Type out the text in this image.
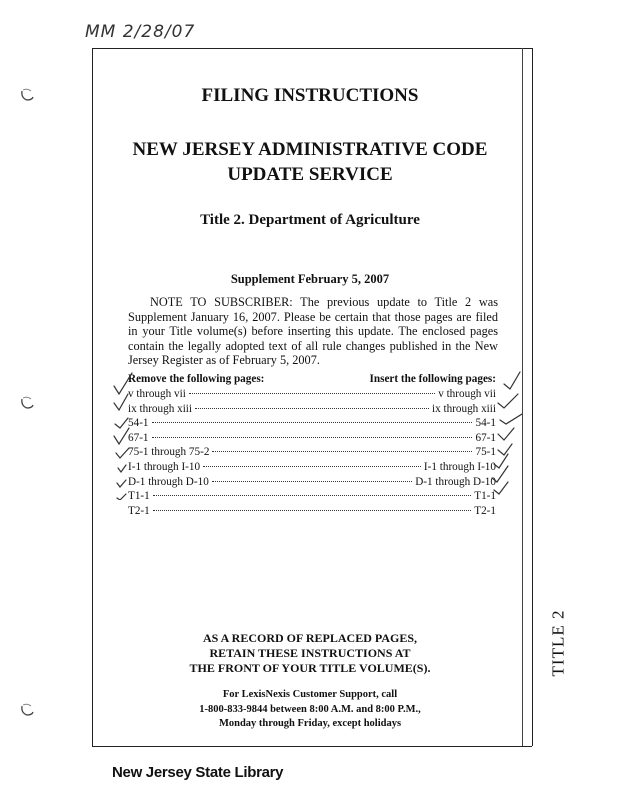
MM 2/28/07
TITLE 2
FILING INSTRUCTIONS
NEW JERSEY ADMINISTRATIVE CODE
UPDATE SERVICE
Title 2. Department of Agriculture
Supplement February 5, 2007
NOTE TO SUBSCRIBER: The previous update to Title 2 was Supplement January 16, 2007. Please be certain that those pages are filed in your Title volume(s) before inserting this update. The enclosed pages contain the legally adopted text of all rule changes published in the New Jersey Register as of February 5, 2007.
Remove the following pages:	Insert the following pages:
v through vii	v through vii
ix through xiii	ix through xiii
54-1	54-1
67-1	67-1
75-1 through 75-2	75-1
I-1 through I-10	I-1 through I-10
D-1 through D-10	D-1 through D-10
T1-1	T1-1
T2-1	T2-1
AS A RECORD OF REPLACED PAGES,
RETAIN THESE INSTRUCTIONS AT
THE FRONT OF YOUR TITLE VOLUME(S).
For LexisNexis Customer Support, call
1-800-833-9844 between 8:00 A.M. and 8:00 P.M.,
Monday through Friday, except holidays
New Jersey State Library
